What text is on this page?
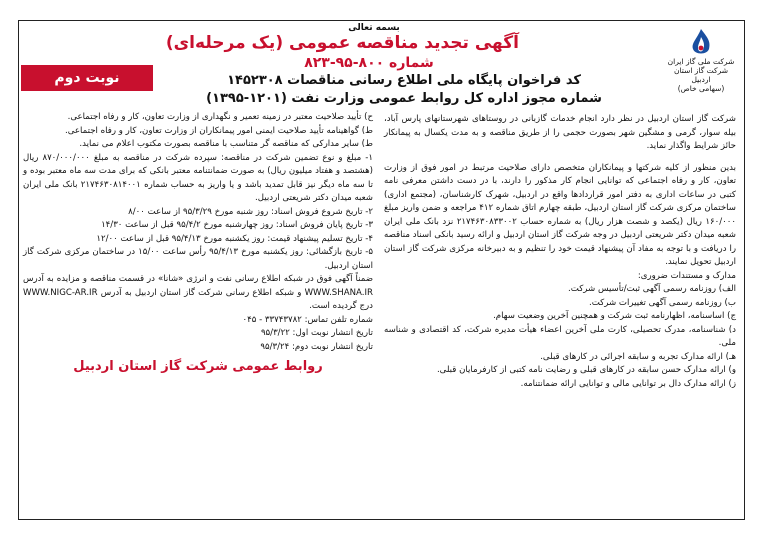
شرکت ملی گاز ایران
شرکت گاز استان اردبیل
(سهامی خاص)
بسمه تعالی
آگهی تجدید مناقصه عمومی (یک مرحله‌ای)
شماره ۸۰۰-۹۵-۸۲۳
نوبت دوم	کد فراخوان پایگاه ملی اطلاع رسانی مناقصات ۱۴۵۲۳۰۸
شماره مجوز اداره کل روابط عمومی وزارت نفت (۱۲۰۱-۱۳۹۵)

شرکت گاز استان اردبیل در نظر دارد انجام خدمات گازبانی در روستاهای شهرستانهای پارس آباد، بیله سوار، گرمی و مشگین شهر بصورت حجمی را از طریق مناقصه و به مدت یکسال به پیمانکار حائز شرایط واگذار نماید.

بدین منظور از کلیه شرکتها و پیمانکاران متخصص دارای صلاحیت مرتبط در امور فوق از وزارت تعاون، کار و رفاه اجتماعی که توانایی انجام کار مذکور را دارند، با در دست داشتن معرفی نامه کتبی در ساعات اداری به دفتر امور قراردادها واقع در اردبیل، شهرک کارشناسان، (مجتمع اداری) ساختمان مرکزی شرکت گاز استان اردبیل، طبقه چهارم اتاق شماره ۴۱۲ مراجعه و ضمن واریز مبلغ ۱۶۰/۰۰۰ ریال (یکصد و شصت هزار ریال) به شماره حساب ۲۱۷۴۶۳۰۸۳۳۰۰۲ نزد بانک ملی ایران شعبه میدان دکتر شریعتی اردبیل در وجه شرکت گاز استان اردبیل و ارائه رسید بانکی اسناد مناقصه را دریافت و با توجه به مفاد آن پیشنهاد قیمت خود را تنظیم و به دبیرخانه مرکزی شرکت گاز استان اردبیل تحویل نمایند.

مدارک و مستندات ضروری:

الف) روزنامه رسمی آگهی ثبت/تأسیس شرکت.

ب) روزنامه رسمی آگهی تغییرات شرکت.

ج) اساسنامه، اظهارنامه ثبت شرکت و همچنین آخرین وضعیت سهام.

د) شناسنامه، مدرک تحصیلی، کارت ملی آخرین اعضاء هیأت مدیره شرکت، کد اقتصادی و شناسه ملی.

هـ) ارائه مدارک تجربه و سابقه اجرائی در کارهای قبلی.

و) ارائه مدارک حسن سابقه در کارهای قبلی و رضایت نامه کتبی از کارفرمایان قبلی.

ز) ارائه مدارک دال بر توانایی مالی و توانایی ارائه ضمانتنامه.

ح) تأیید صلاحیت معتبر در زمینه تعمیر و نگهداری از وزارت تعاون، کار و رفاه اجتماعی.

ط) گواهینامه تأیید صلاحیت ایمنی امور پیمانکاران از وزارت تعاون، کار و رفاه اجتماعی.

ط) سایر مدارکی که مناقصه گر متناسب با مناقصه بصورت مکتوب اعلام می نماید.

۱- مبلغ و نوع تضمین شرکت در مناقصه: سپرده شرکت در مناقصه به مبلغ ۸۷۰/۰۰۰/۰۰۰ ریال (هشتصد و هفتاد میلیون ریال) به صورت ضمانتنامه معتبر بانکی که برای مدت سه ماه معتبر بوده و تا سه ماه دیگر نیز قابل تمدید باشد و یا واریز به حساب شماره ۲۱۷۴۶۳۰۸۱۴۰۰۱ بانک ملی ایران شعبه میدان دکتر شریعتی اردبیل.

۲- تاریخ شروع فروش اسناد: روز شنبه مورخ ۹۵/۳/۲۹ از ساعت ۸/۰۰

۳- تاریخ پایان فروش اسناد: روز چهارشنبه مورخ ۹۵/۴/۲ قبل از ساعت ۱۴/۳۰

۴- تاریخ تسلیم پیشنهاد قیمت: روز یکشنبه مورخ ۹۵/۴/۱۳ قبل از ساعت ۱۲/۰۰

۵- تاریخ بازگشائی: روز یکشنبه مورخ ۹۵/۴/۱۳ رأس ساعت ۱۵/۰۰ در ساختمان مرکزی شرکت گاز استان اردبیل.

ضمناً آگهی فوق در شبکه اطلاع رسانی نفت و انرژی «شانا» در قسمت مناقصه و مزایده به آدرس WWW.SHANA.IR و شبکه اطلاع رسانی شرکت گاز استان اردبیل به آدرس WWW.NIGC-AR.IR درج گردیده است.

شماره تلفن تماس: ۳۳۷۴۳۷۸۲ - ۰۴۵

تاریخ انتشار نوبت اول: ۹۵/۳/۲۲

تاریخ انتشار نوبت دوم: ۹۵/۳/۲۴

روابط عمومی شرکت گاز استان اردبیل
